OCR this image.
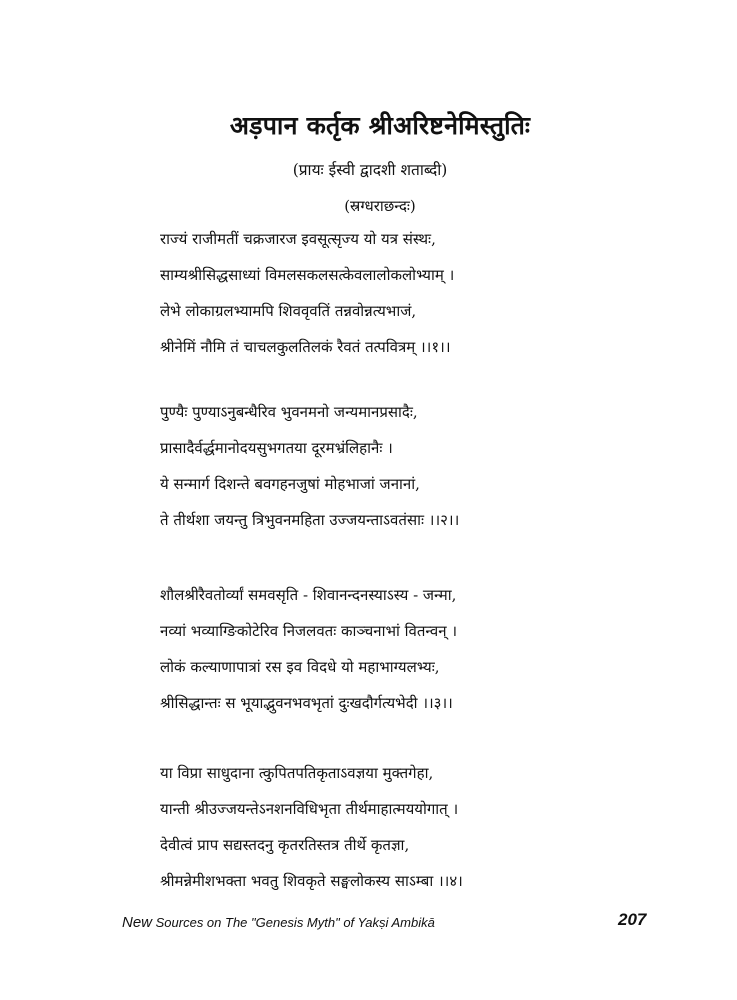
अड़पान कर्तृक श्रीअरिष्टनेमिस्तुतिः
(प्रायः ईस्वी द्वादशी शताब्दी)
(स्रग्धराछन्दः)
राज्यं राजीमतीं चक्रजारज इवसूत्सृज्य यो यत्र संस्थः,
साम्यश्रीसिद्धसाध्यां विमलसकलसत्केवलालोकलोभ्याम् ।
लेभे लोकाग्रलभ्यामपि शिववृवतिं तन्नवोन्नत्यभाजं,
श्रीनेमिं नौमि तं चाचलकुलतिलकं रैवतं तत्पवित्रम् ।।१।।
पुण्यैः पुण्याऽनुबन्धैरिव भुवनमनो जन्यमानप्रसादैः,
प्रासादैर्वर्द्धमानोदयसुभगतया दूरमभ्रंलिहानैः ।
ये सन्मार्ग दिशन्ते बवगहनजुषां मोहभाजां जनानां,
ते तीर्थशा जयन्तु त्रिभुवनमहिता उज्जयन्ताऽवतंसाः ।।२।।
शौलश्रीरैवतोर्व्यां समवसृति - शिवानन्दनस्याऽस्य - जन्मा,
नव्यां भव्याग्ङिकोटेरिव निजलवतः काञ्चनाभां वितन्वन् ।
लोकं कल्याणापात्रां रस इव विदधे यो महाभाग्यलभ्यः,
श्रीसिद्धान्तः स भूयाद्भुवनभवभृतां दुःखदौर्गत्यभेदी ।।३।।
या विप्रा साधुदाना त्कुपितपतिकृताऽवज्ञया मुक्तगेहा,
यान्ती श्रीउज्जयन्तेऽनशनविधिभृता तीर्थमाहात्मययोगात् ।
देवीत्वं प्राप सद्यस्तदनु कृतरतिस्तत्र तीर्थे कृतज्ञा,
श्रीमन्नेमीशभक्ता भवतु शिवकृते सङ्घलोकस्य साऽम्बा ।।४।
New Sources on The "Genesis Myth" of Yakṣi Ambikā	207
